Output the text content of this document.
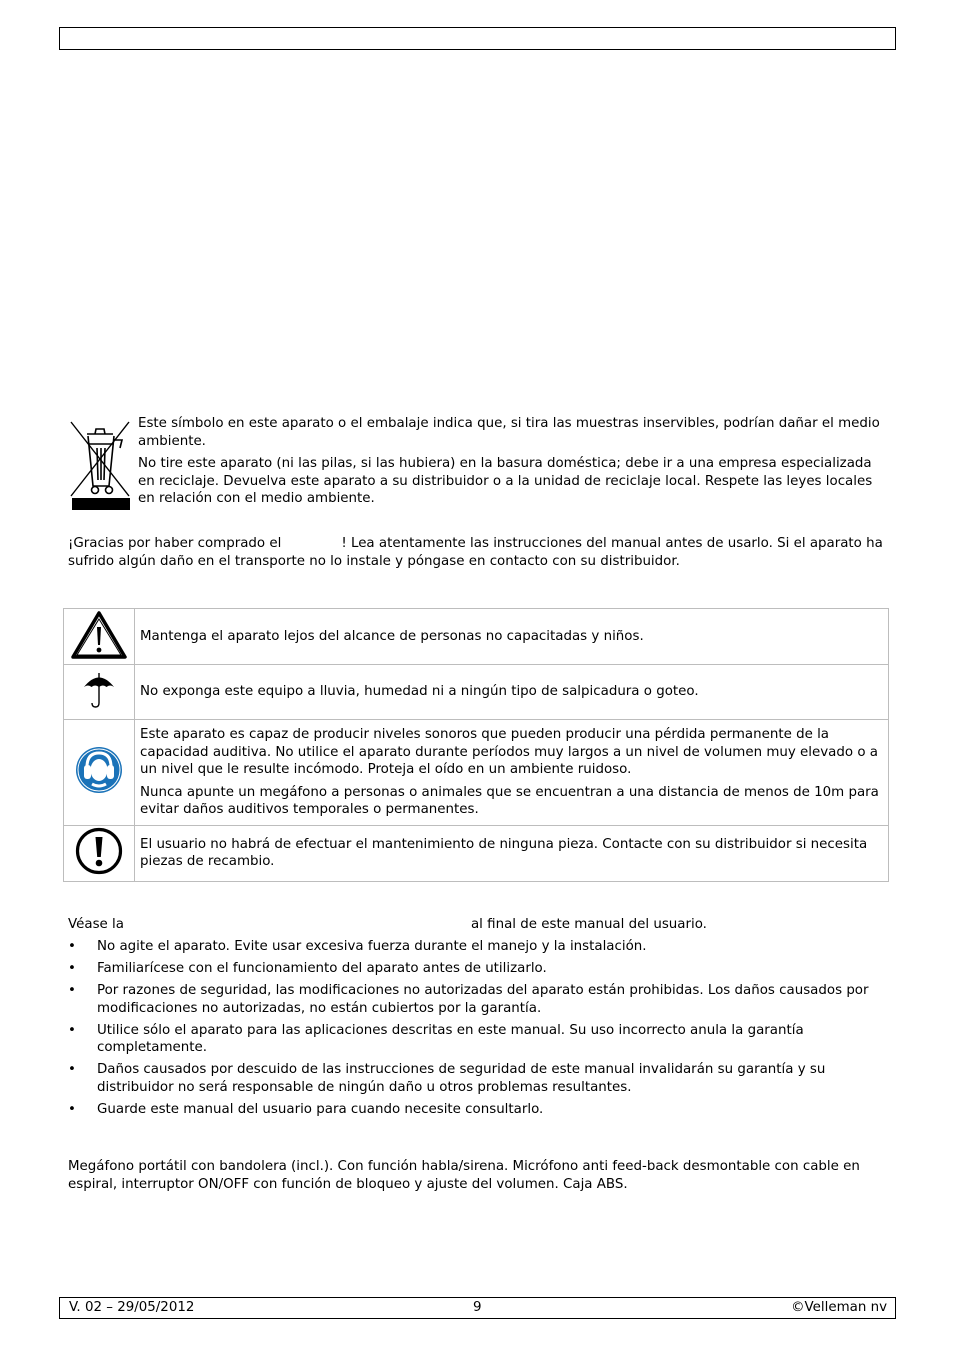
Este símbolo en este aparato o el embalaje indica que, si tira las muestras inservibles, podrían dañar el medio ambiente.

No tire este aparato (ni las pilas, si las hubiera) en la basura doméstica; debe ir a una empresa especializada en reciclaje. Devuelva este aparato a su distribuidor o a la unidad de reciclaje local. Respete las leyes locales en relación con el medio ambiente.

¡Gracias por haber comprado el	! Lea atentamente las instrucciones del manual antes de usarlo. Si el aparato ha sufrido algún daño en el transporte no lo instale y póngase en contacto con su distribuidor.

Mantenga el aparato lejos del alcance de personas no capacitadas y niños.

No exponga este equipo a lluvia, humedad ni a ningún tipo de salpicadura o goteo.

Este aparato es capaz de producir niveles sonoros que pueden producir una pérdida permanente de la capacidad auditiva. No utilice el aparato durante períodos muy largos a un nivel de volumen muy elevado o a un nivel que le resulte incómodo. Proteja el oído en un ambiente ruidoso.

Nunca apunte un megáfono a personas o animales que se encuentran a una distancia de menos de 10m para evitar daños auditivos temporales o permanentes.

El usuario no habrá de efectuar el mantenimiento de ninguna pieza. Contacte con su distribuidor si necesita piezas de recambio.

Véase la	al final de este manual del usuario.

• No agite el aparato. Evite usar excesiva fuerza durante el manejo y la instalación.
• Familiarícese con el funcionamiento del aparato antes de utilizarlo.
• Por razones de seguridad, las modificaciones no autorizadas del aparato están prohibidas. Los daños causados por modificaciones no autorizadas, no están cubiertos por la garantía.
• Utilice sólo el aparato para las aplicaciones descritas en este manual. Su uso incorrecto anula la garantía completamente.
• Daños causados por descuido de las instrucciones de seguridad de este manual invalidarán su garantía y su distribuidor no será responsable de ningún daño u otros problemas resultantes.
• Guarde este manual del usuario para cuando necesite consultarlo.

Megáfono portátil con bandolera (incl.). Con función habla/sirena. Micrófono anti feed-back desmontable con cable en espiral, interruptor ON/OFF con función de bloqueo y ajuste del volumen. Caja ABS.

V. 02 – 29/05/2012	9	©Velleman nv
